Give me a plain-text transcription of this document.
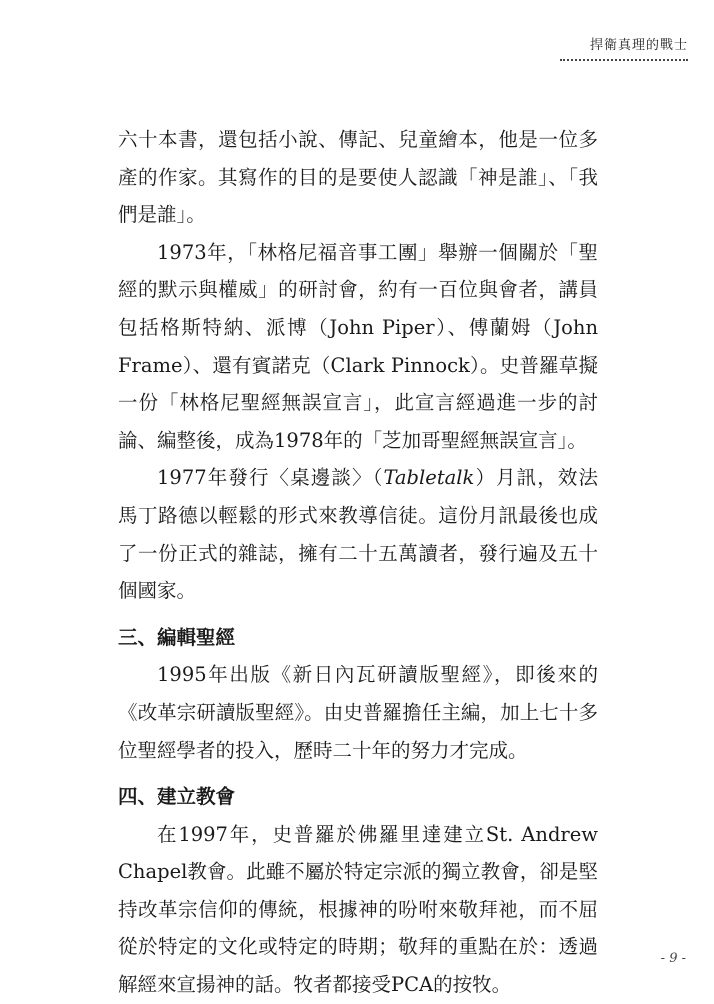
捍衛真理的戰士

六十本書，還包括小說、傳記、兒童繪本，他是一位多產的作家。其寫作的目的是要使人認識「神是誰」、「我們是誰」。

1973年，「林格尼福音事工團」舉辦一個關於「聖經的默示與權威」的研討會，約有一百位與會者，講員包括格斯特納、派博（John Piper）、傅蘭姆（John Frame）、還有賓諾克（Clark Pinnock）。史普羅草擬一份「林格尼聖經無誤宣言」，此宣言經過進一步的討論、編整後，成為1978年的「芝加哥聖經無誤宣言」。

1977年發行〈桌邊談〉（Tabletalk）月訊，效法馬丁路德以輕鬆的形式來教導信徒。這份月訊最後也成了一份正式的雜誌，擁有二十五萬讀者，發行遍及五十個國家。

三、編輯聖經

1995年出版《新日內瓦研讀版聖經》，即後來的《改革宗研讀版聖經》。由史普羅擔任主編，加上七十多位聖經學者的投入，歷時二十年的努力才完成。

四、建立教會

在1997年，史普羅於佛羅里達建立St. Andrew Chapel教會。此雖不屬於特定宗派的獨立教會，卻是堅持改革宗信仰的傳統，根據神的吩咐來敬拜祂，而不屈從於特定的文化或特定的時期；敬拜的重點在於：透過解經來宣揚神的話。牧者都接受PCA的按牧。

- 9 -
